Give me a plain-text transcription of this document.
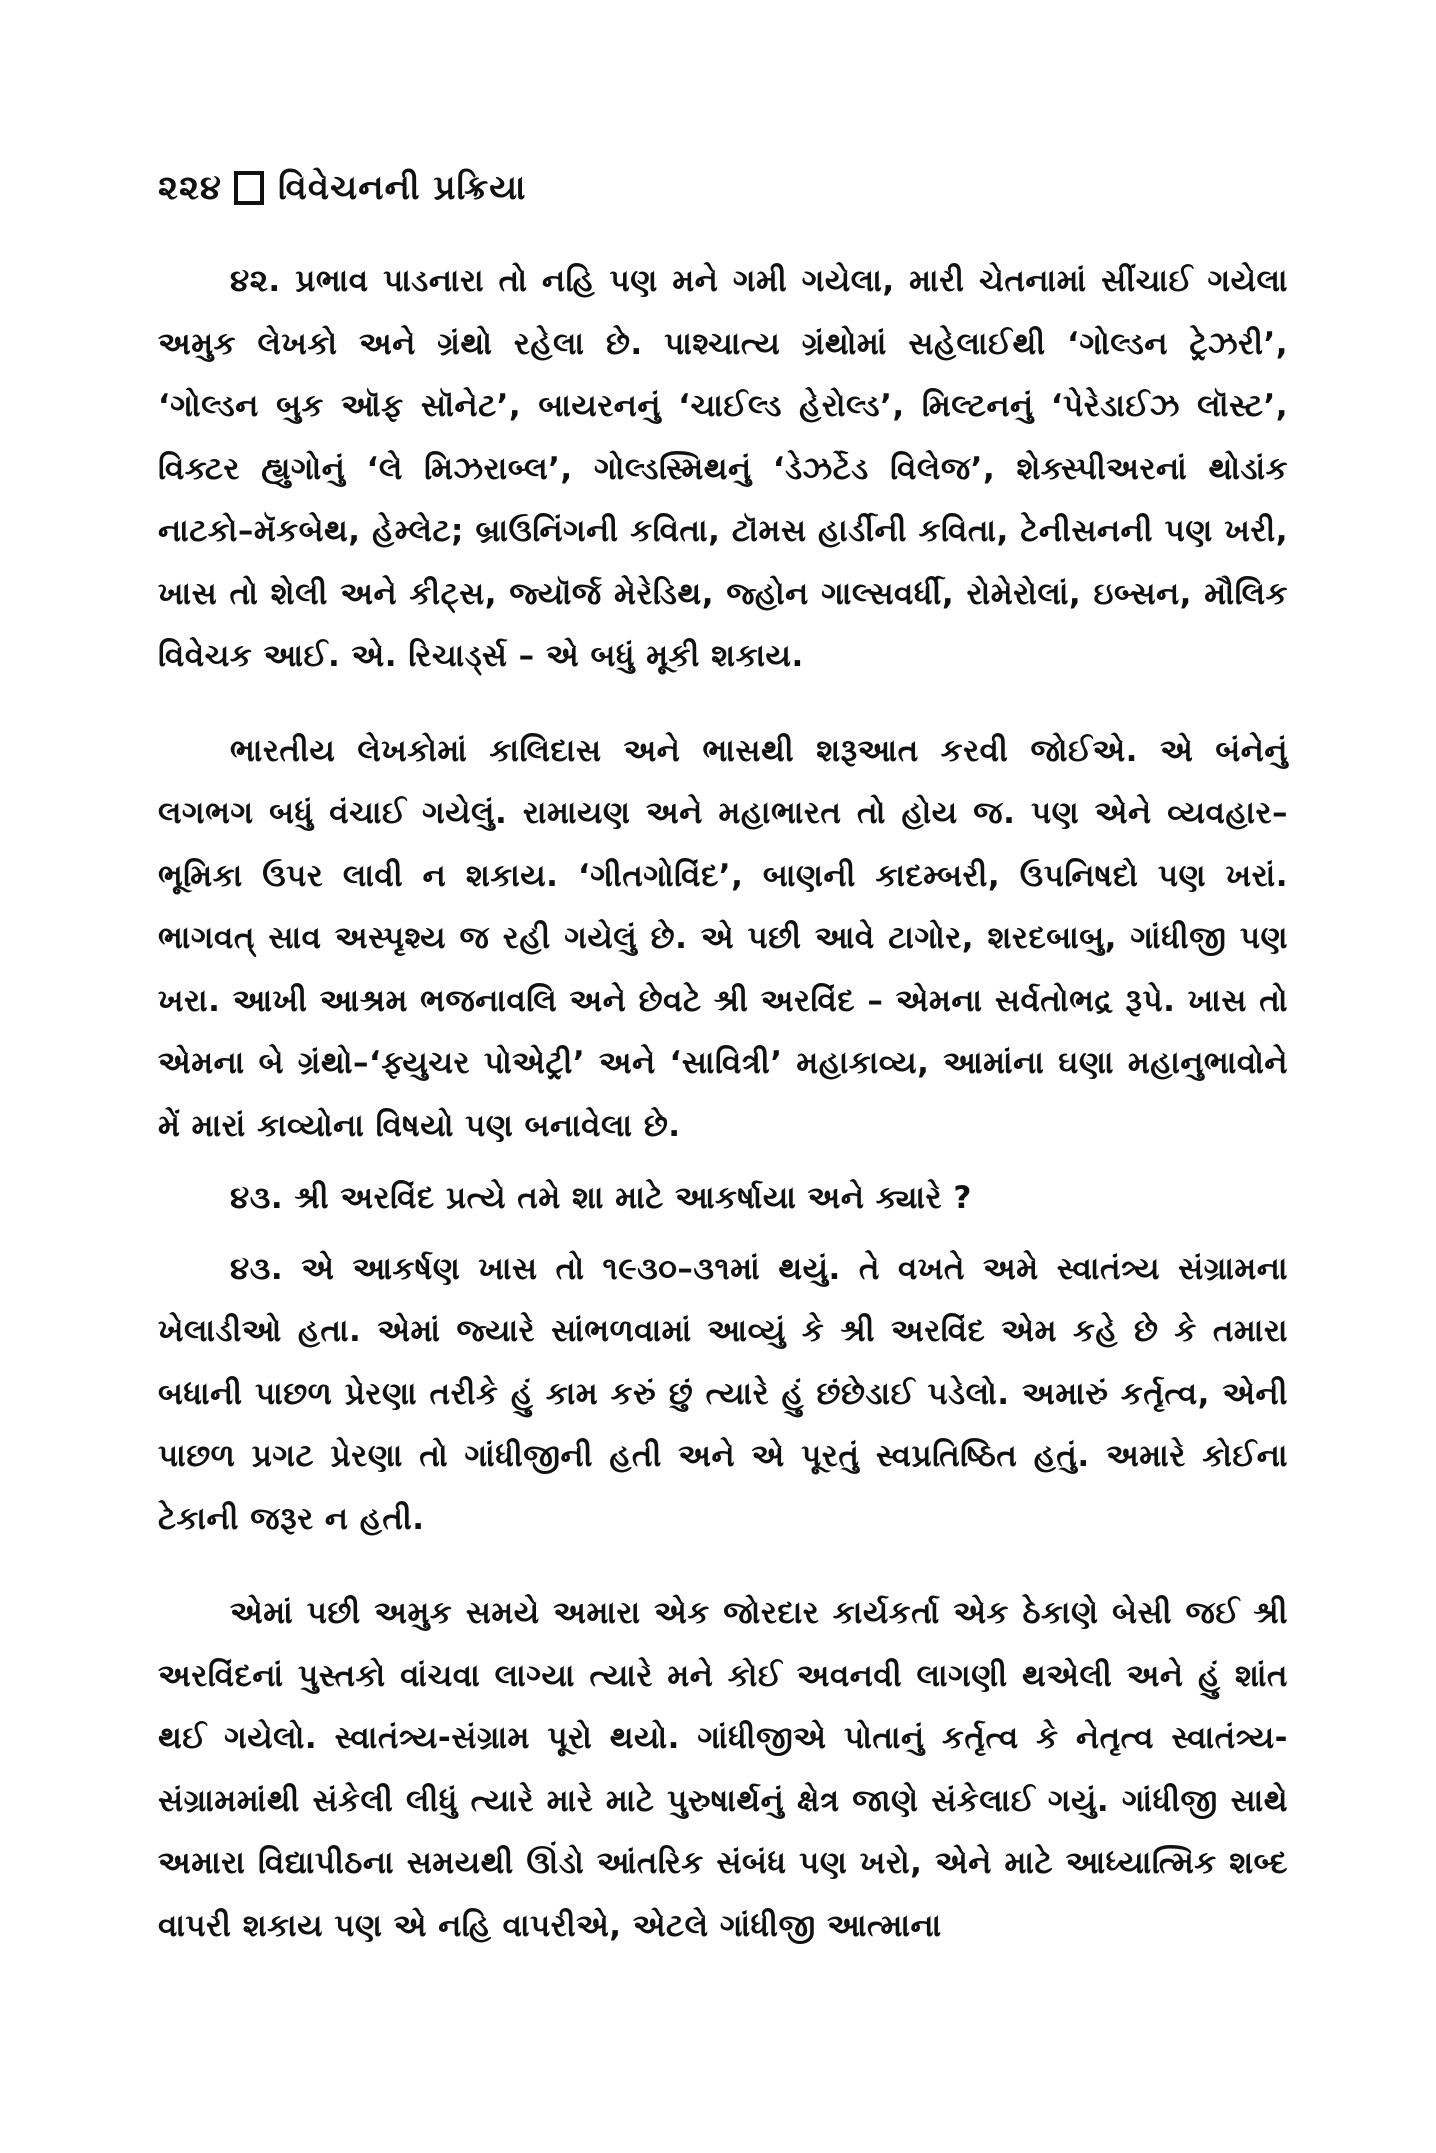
૨૨૪ વિવેચનની પ્રક્રિયા

૪૨. પ્રભાવ પાડનારા તો નહિ પણ મને ગમી ગયેલા, મારી ચેતનામાં સીંચાઈ ગયેલા અમુક લેખકો અને ગ્રંથો રહેલા છે. પાશ્ચાત્ય ગ્રંથોમાં સહેલાઈથી ‘ગોલ્ડન ટ્રેઝરી’, ‘ગોલ્ડન બુક ઑફ સૉનેટ’, બાયરનનું ‘ચાઈલ્ડ હેરોલ્ડ’, મિલ્ટનનું ‘પેરેડાઈઝ લૉસ્ટ’, વિક્ટર હ્યુગોનું ‘લે મિઝરાબ્લ’, ગોલ્ડસ્મિથનું ‘ડેઝર્ટેડ વિલેજ’, શેક્સ્પીઅરનાં થોડાંક નાટકો–મૅકબેથ, હેમ્લેટ; બ્રાઉનિંગની કવિતા, ટૉમસ હાર્ડીની કવિતા, ટેનીસનની પણ ખરી, ખાસ તો શેલી અને કીટ્સ, જ્યૉર્જ મેરેડિથ, જ્હોન ગાલ્સવર્ધી, રોમેરોલાં, ઇબ્સન, મૌલિક વિવેચક આઈ. એ. રિચાર્ડ્સ – એ બધું મૂકી શકાય.

ભારતીય લેખકોમાં કાલિદાસ અને ભાસથી શરૂઆત કરવી જોઈએ. એ બંનેનું લગભગ બધું વંચાઈ ગયેલું. રામાયણ અને મહાભારત તો હોય જ. પણ એને વ્યવહાર–ભૂમિકા ઉપર લાવી ન શકાય. ‘ગીતગોવિંદ’, બાણની કાદમ્બરી, ઉપનિષદો પણ ખરાં. ભાગવત્ સાવ અસ્પૃશ્ય જ રહી ગયેલું છે. એ પછી આવે ટાગોર, શરદબાબુ, ગાંધીજી પણ ખરા. આખી આશ્રમ ભજનાવલિ અને છેવટે શ્રી અરવિંદ – એમના સર્વતોભદ્ર રૂપે. ખાસ તો એમના બે ગ્રંથો–‘ફ્યુચર પોએટ્રી’ અને ‘સાવિત્રી’ મહાકાવ્ય, આમાંના ઘણા મહાનુભાવોને મેં મારાં કાવ્યોના વિષયો પણ બનાવેલા છે.

૪૩. શ્રી અરવિંદ પ્રત્યે તમે શા માટે આકર્ષાયા અને ક્યારે ?

૪૩. એ આકર્ષણ ખાસ તો ૧૯૩૦–૩૧માં થયું. તે વખતે અમે સ્વાતંત્ર્ય સંગ્રામના ખેલાડીઓ હતા. એમાં જ્યારે સાંભળવામાં આવ્યું કે શ્રી અરવિંદ એમ કહે છે કે તમારા બધાની પાછળ પ્રેરણા તરીકે હું કામ કરું છું ત્યારે હું છંછેડાઈ પડેલો. અમારું કર્તૃત્વ, એની પાછળ પ્રગટ પ્રેરણા તો ગાંધીજીની હતી અને એ પૂરતું સ્વપ્રતિષ્ઠિત હતું. અમારે કોઈના ટેકાની જરૂર ન હતી.

એમાં પછી અમુક સમયે અમારા એક જોરદાર કાર્યકર્તા એક ઠેકાણે બેસી જઈ શ્રી અરવિંદનાં પુસ્તકો વાંચવા લાગ્યા ત્યારે મને કોઈ અવનવી લાગણી થએલી અને હું શાંત થઈ ગયેલો. સ્વાતંત્ર્ય-સંગ્રામ પૂરો થયો. ગાંધીજીએ પોતાનું કર્તૃત્વ કે નેતૃત્વ સ્વાતંત્ર્ય-સંગ્રામમાંથી સંકેલી લીધું ત્યારે મારે માટે પુરુષાર્થનું ક્ષેત્ર જાણે સંકેલાઈ ગયું. ગાંધીજી સાથે અમારા વિદ્યાપીઠના સમયથી ઊંડો આંતરિક સંબંધ પણ ખરો, એને માટે આધ્યાત્મિક શબ્દ વાપરી શકાય પણ એ નહિ વાપરીએ, એટલે ગાંધીજી આત્માના
